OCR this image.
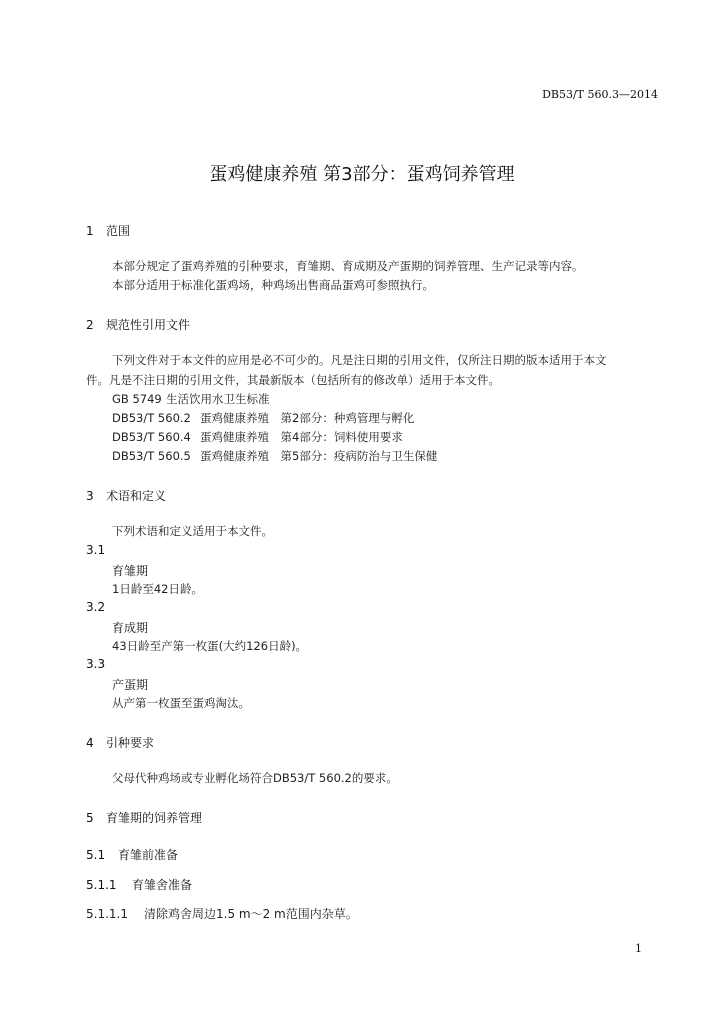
DB53/T 560.3—2014
蛋鸡健康养殖 第3部分：蛋鸡饲养管理
1 范围
本部分规定了蛋鸡养殖的引种要求，育雏期、育成期及产蛋期的饲养管理、生产记录等内容。
本部分适用于标准化蛋鸡场，种鸡场出售商品蛋鸡可参照执行。
2 规范性引用文件
下列文件对于本文件的应用是必不可少的。凡是注日期的引用文件，仅所注日期的版本适用于本文
件。凡是不注日期的引用文件，其最新版本（包括所有的修改单）适用于本文件。
GB 5749 生活饮用水卫生标准
DB53/T 560.2 蛋鸡健康养殖　第2部分：种鸡管理与孵化
DB53/T 560.4 蛋鸡健康养殖　第4部分：饲料使用要求
DB53/T 560.5 蛋鸡健康养殖　第5部分：疫病防治与卫生保健
3 术语和定义
下列术语和定义适用于本文件。
3.1
育雏期
1日龄至42日龄。
3.2
育成期
43日龄至产第一枚蛋(大约126日龄)。
3.3
产蛋期
从产第一枚蛋至蛋鸡淘汰。
4 引种要求
父母代种鸡场或专业孵化场符合DB53/T 560.2的要求。
5 育雏期的饲养管理
5.1 育雏前准备
5.1.1 育雏舍准备
5.1.1.1 清除鸡舍周边1.5 m～2 m范围内杂草。
1
